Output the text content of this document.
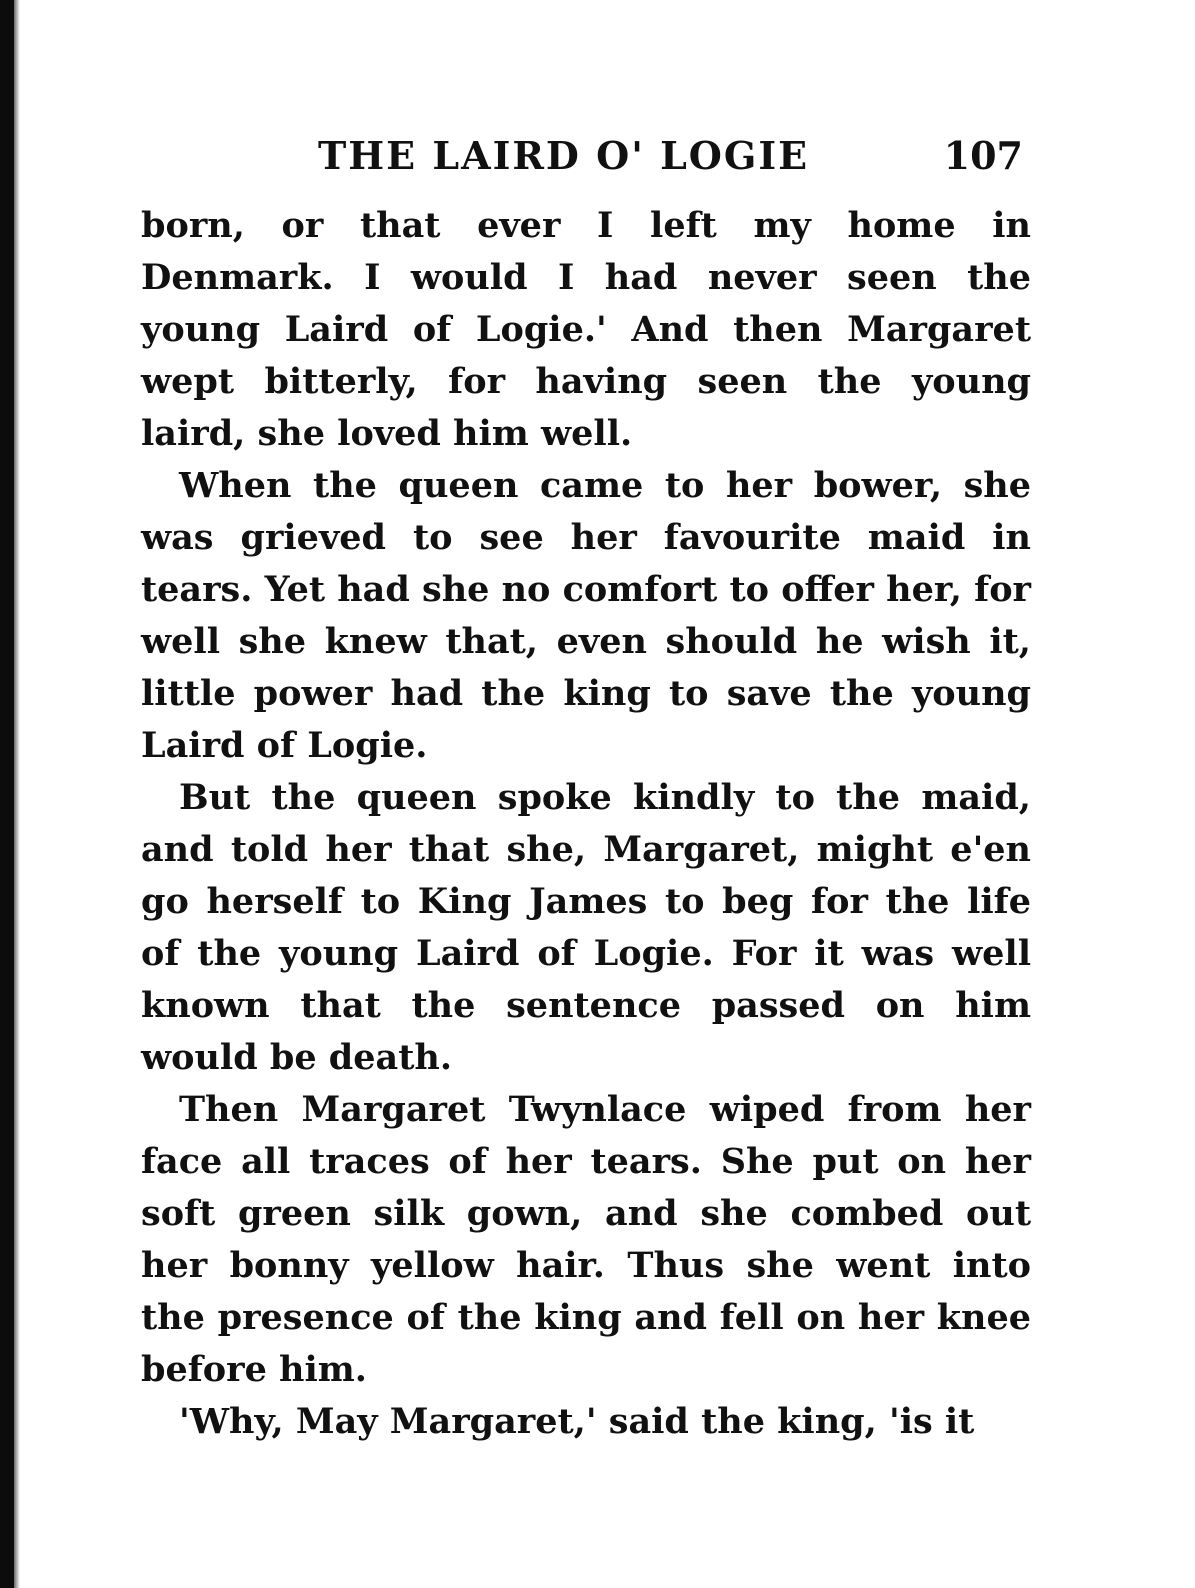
THE LAIRD O' LOGIE	107

born, or that ever I left my home in Denmark. I would I had never seen the young Laird of Logie.' And then Margaret wept bitterly, for having seen the young laird, she loved him well.

When the queen came to her bower, she was grieved to see her favourite maid in tears. Yet had she no comfort to offer her, for well she knew that, even should he wish it, little power had the king to save the young Laird of Logie.

But the queen spoke kindly to the maid, and told her that she, Margaret, might e'en go herself to King James to beg for the life of the young Laird of Logie. For it was well known that the sentence passed on him would be death.

Then Margaret Twynlace wiped from her face all traces of her tears. She put on her soft green silk gown, and she combed out her bonny yellow hair. Thus she went into the presence of the king and fell on her knee before him.

'Why, May Margaret,' said the king, 'is it
